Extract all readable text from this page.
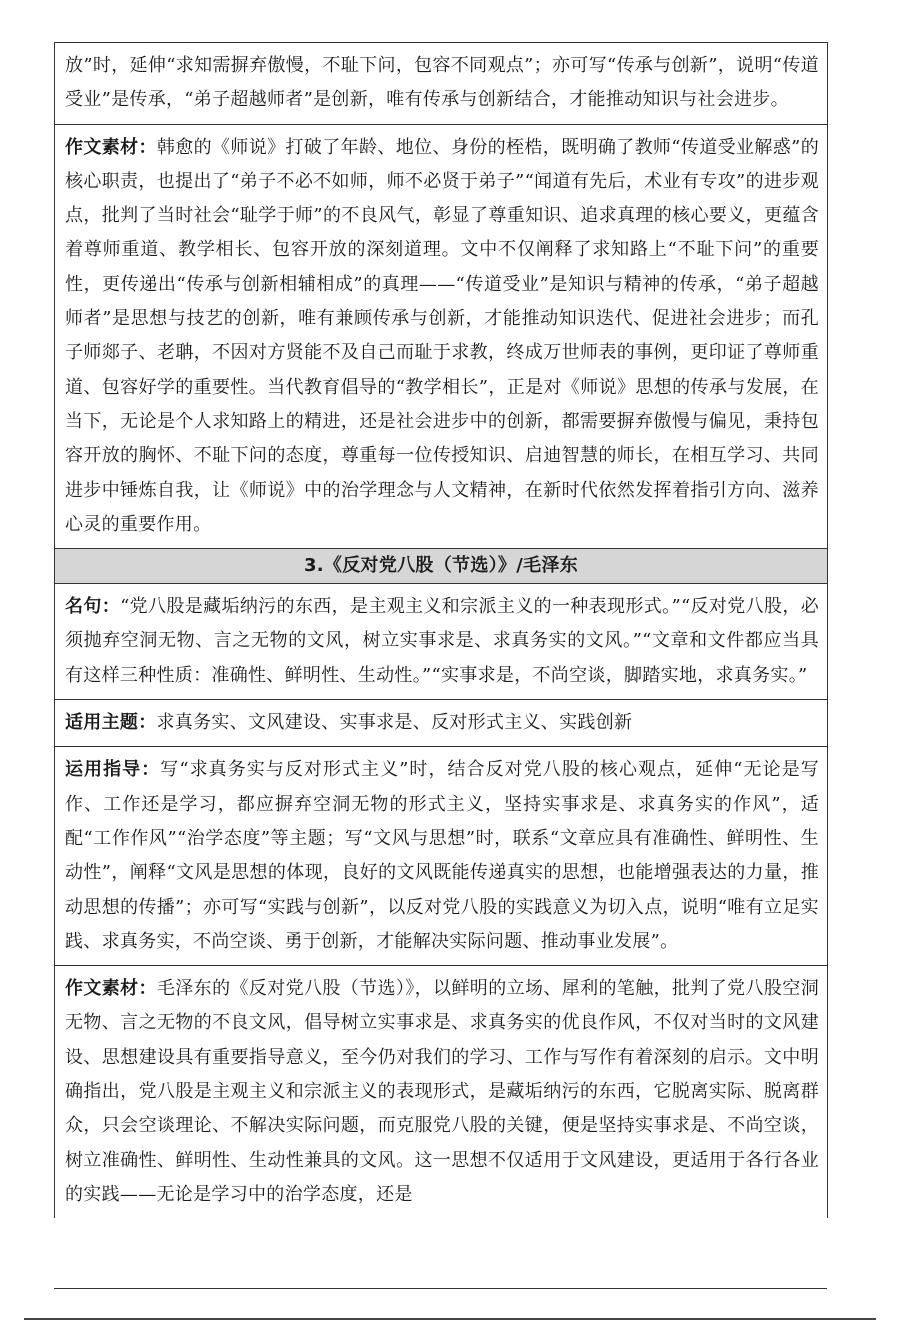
放”时，延伸“求知需摒弃傲慢，不耻下问，包容不同观点”；亦可写“传承与创新”，说明“传道受业”是传承，“弟子超越师者”是创新，唯有传承与创新结合，才能推动知识与社会进步。
作文素材：韩愈的《师说》打破了年龄、地位、身份的桎梏，既明确了教师“传道受业解惑”的核心职责，也提出了“弟子不必不如师，师不必贤于弟子”“闻道有先后，术业有专攻”的进步观点，批判了当时社会“耻学于师”的不良风气，彰显了尊重知识、追求真理的核心要义，更蕴含着尊师重道、教学相长、包容开放的深刻道理。文中不仅阐释了求知路上“不耻下问”的重要性，更传递出“传承与创新相辅相成”的真理——“传道受业”是知识与精神的传承，“弟子超越师者”是思想与技艺的创新，唯有兼顾传承与创新，才能推动知识迭代、促进社会进步；而孔子师郯子、老聃，不因对方贤能不及自己而耻于求教，终成万世师表的事例，更印证了尊师重道、包容好学的重要性。当代教育倡导的“教学相长”，正是对《师说》思想的传承与发展，在当下，无论是个人求知路上的精进，还是社会进步中的创新，都需要摒弃傲慢与偏见，秉持包容开放的胸怀、不耻下问的态度，尊重每一位传授知识、启迪智慧的师长，在相互学习、共同进步中锤炼自我，让《师说》中的治学理念与人文精神，在新时代依然发挥着指引方向、滋养心灵的重要作用。
3.《反对党八股（节选）》/毛泽东
名句：“党八股是藏垢纳污的东西，是主观主义和宗派主义的一种表现形式。”“反对党八股，必须抛弃空洞无物、言之无物的文风，树立实事求是、求真务实的文风。”“文章和文件都应当具有这样三种性质：准确性、鲜明性、生动性。”“实事求是，不尚空谈，脚踏实地，求真务实。”
适用主题：求真务实、文风建设、实事求是、反对形式主义、实践创新
运用指导：写“求真务实与反对形式主义”时，结合反对党八股的核心观点，延伸“无论是写作、工作还是学习，都应摒弃空洞无物的形式主义，坚持实事求是、求真务实的作风”，适配“工作作风”“治学态度”等主题；写“文风与思想”时，联系“文章应具有准确性、鲜明性、生动性”，阐释“文风是思想的体现，良好的文风既能传递真实的思想，也能增强表达的力量，推动思想的传播”；亦可写“实践与创新”，以反对党八股的实践意义为切入点，说明“唯有立足实践、求真务实，不尚空谈、勇于创新，才能解决实际问题、推动事业发展”。
作文素材：毛泽东的《反对党八股（节选）》，以鲜明的立场、犀利的笔触，批判了党八股空洞无物、言之无物的不良文风，倡导树立实事求是、求真务实的优良作风，不仅对当时的文风建设、思想建设具有重要指导意义，至今仍对我们的学习、工作与写作有着深刻的启示。文中明确指出，党八股是主观主义和宗派主义的表现形式，是藏垢纳污的东西，它脱离实际、脱离群众，只会空谈理论、不解决实际问题，而克服党八股的关键，便是坚持实事求是、不尚空谈，树立准确性、鲜明性、生动性兼具的文风。这一思想不仅适用于文风建设，更适用于各行各业的实践——无论是学习中的治学态度，还是
